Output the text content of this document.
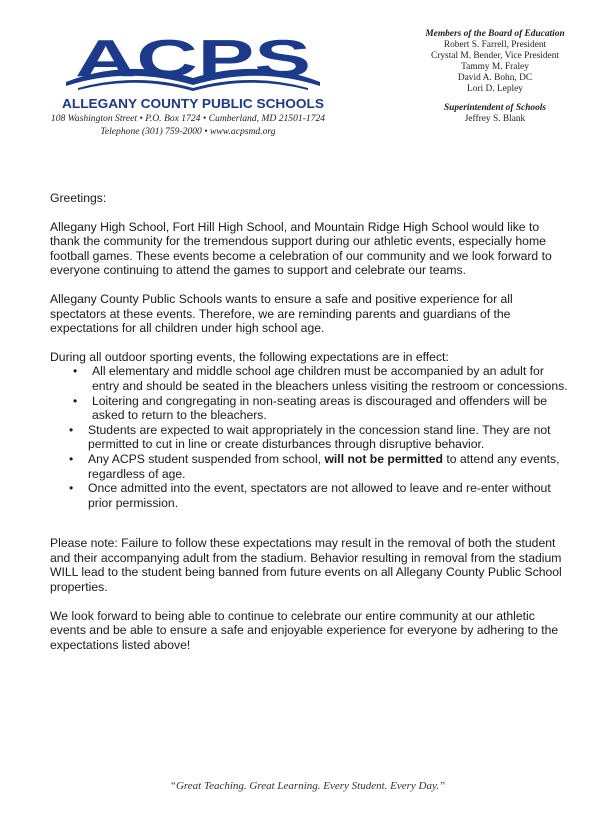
ACPS
ALLEGANY COUNTY PUBLIC SCHOOLS
108 Washington Street • P.O. Box 1724 • Cumberland, MD 21501-1724
Telephone (301) 759-2000 • www.acpsmd.org
Members of the Board of Education
Robert S. Farrell, President
Crystal M. Bender, Vice President
Tammy M. Fraley
David A. Bohn, DC
Lori D. Lepley
Superintendent of Schools
Jeffrey S. Blank

Greetings:

Allegany High School, Fort Hill High School, and Mountain Ridge High School would like to thank the community for the tremendous support during our athletic events, especially home football games. These events become a celebration of our community and we look forward to everyone continuing to attend the games to support and celebrate our teams.

Allegany County Public Schools wants to ensure a safe and positive experience for all spectators at these events. Therefore, we are reminding parents and guardians of the expectations for all children under high school age.

During all outdoor sporting events, the following expectations are in effect:

• All elementary and middle school age children must be accompanied by an adult for entry and should be seated in the bleachers unless visiting the restroom or concessions.
• Loitering and congregating in non-seating areas is discouraged and offenders will be asked to return to the bleachers.
• Students are expected to wait appropriately in the concession stand line. They are not permitted to cut in line or create disturbances through disruptive behavior.
• Any ACPS student suspended from school, will not be permitted to attend any events, regardless of age.
• Once admitted into the event, spectators are not allowed to leave and re-enter without prior permission.

Please note: Failure to follow these expectations may result in the removal of both the student and their accompanying adult from the stadium. Behavior resulting in removal from the stadium WILL lead to the student being banned from future events on all Allegany County Public School properties.

We look forward to being able to continue to celebrate our entire community at our athletic events and be able to ensure a safe and enjoyable experience for everyone by adhering to the expectations listed above!

“Great Teaching. Great Learning. Every Student. Every Day.”
